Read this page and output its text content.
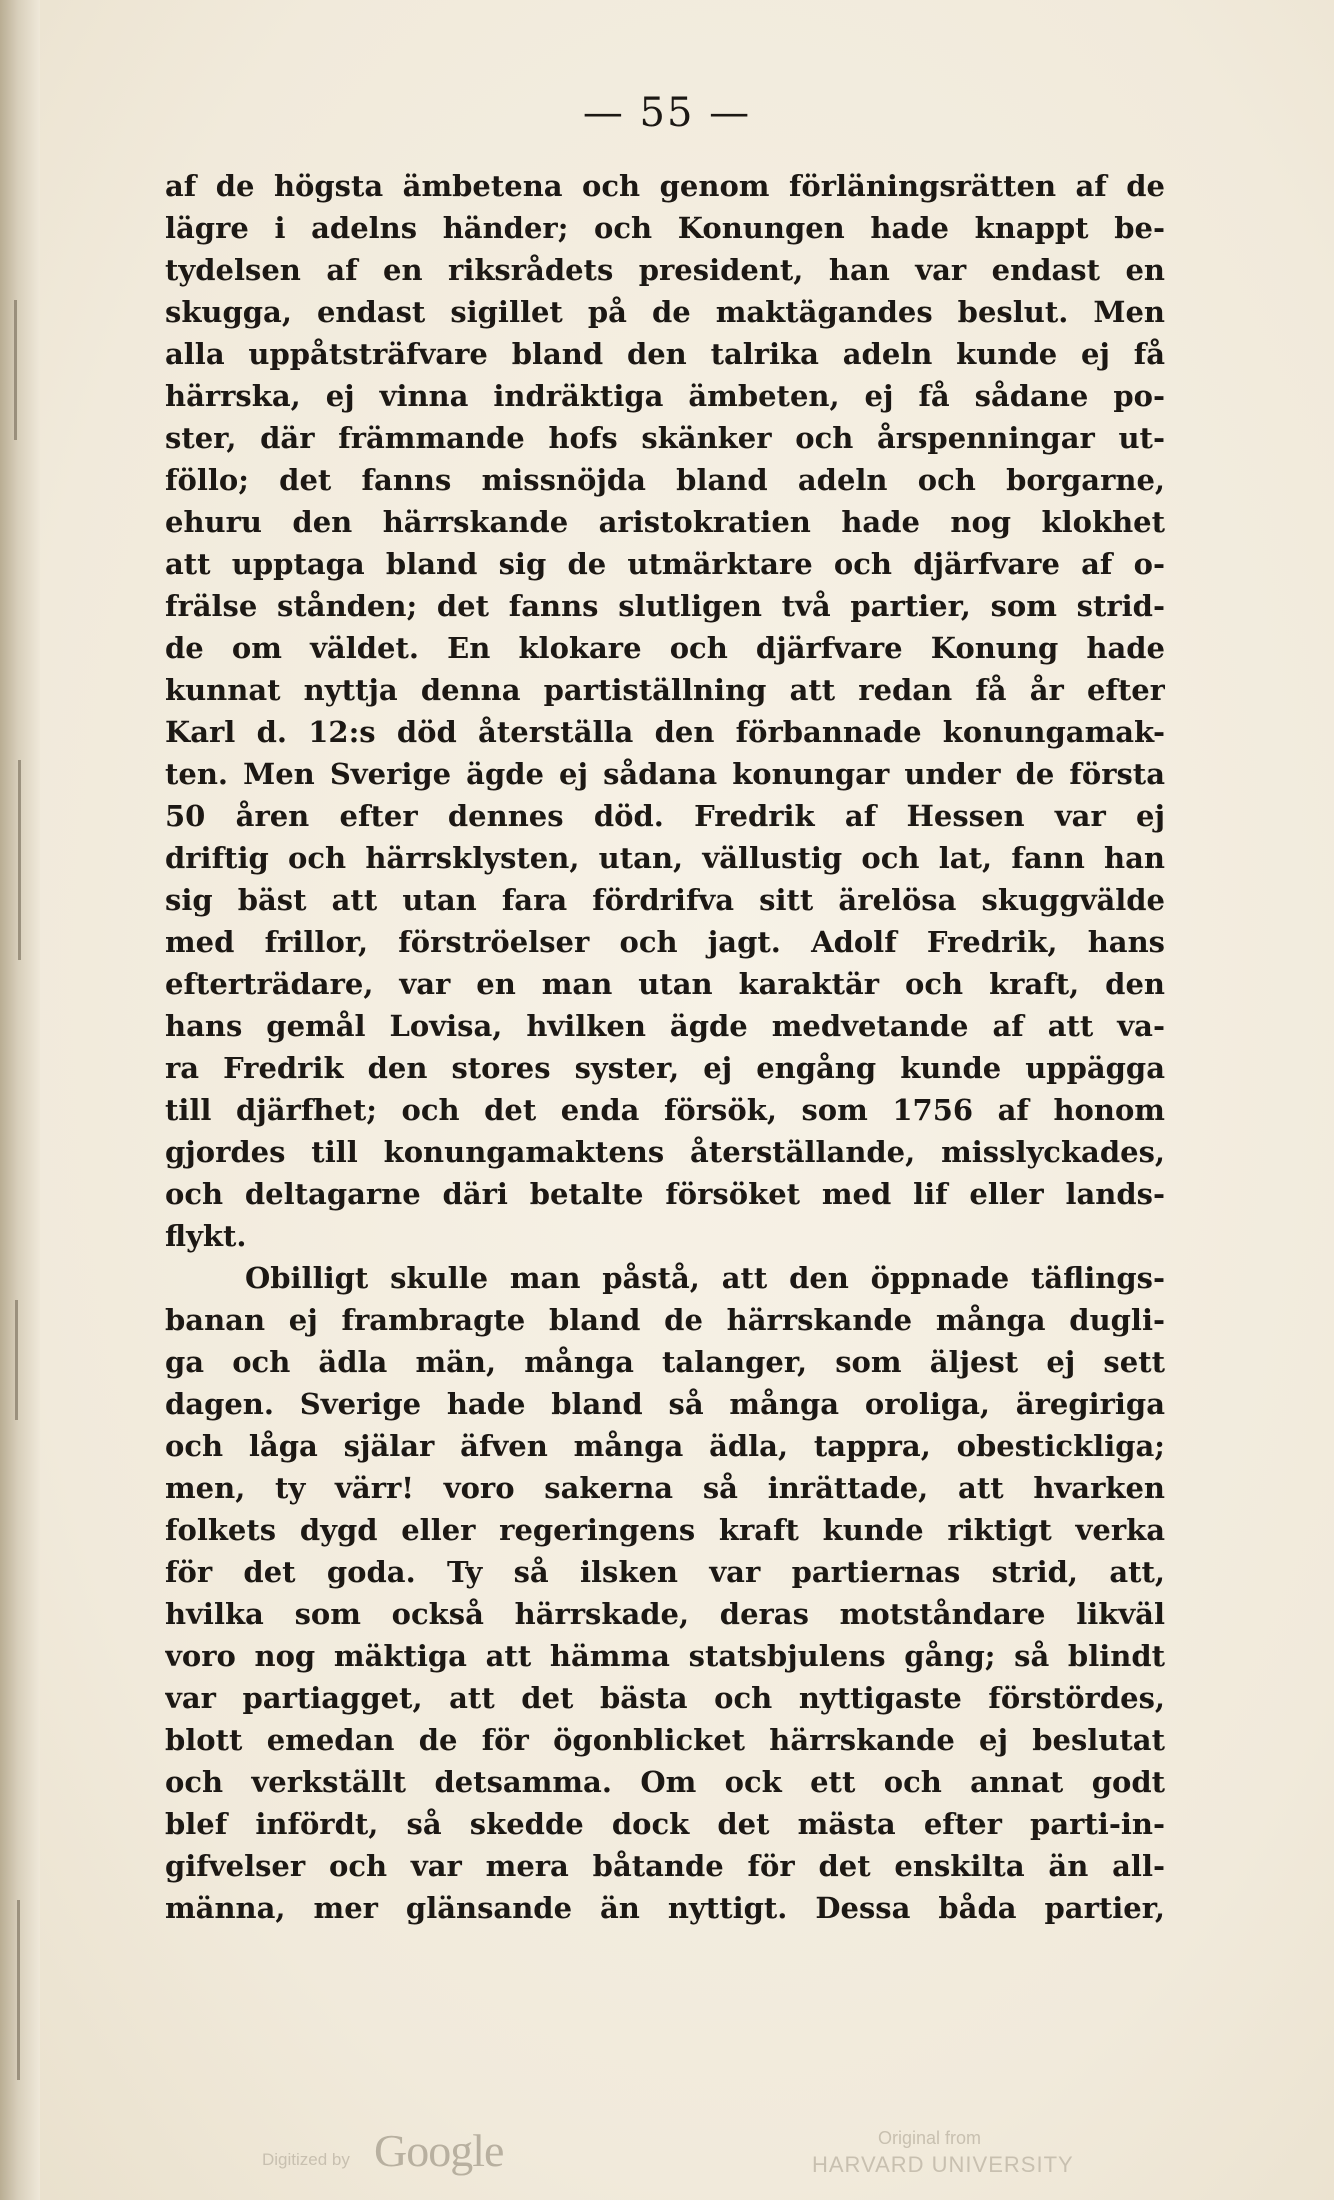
— 55 —
af de högsta ämbetena och genom förläningsrätten af de
lägre i adelns händer; och Konungen hade knappt be-
tydelsen af en riksrådets president, han var endast en
skugga, endast sigillet på de maktägandes beslut. Men
alla uppåtsträfvare bland den talrika adeln kunde ej få
härrska, ej vinna indräktiga ämbeten, ej få sådane po-
ster, där främmande hofs skänker och årspenningar ut-
föllo; det fanns missnöjda bland adeln och borgarne,
ehuru den härrskande aristokratien hade nog klokhet
att upptaga bland sig de utmärktare och djärfvare af o-
frälse stånden; det fanns slutligen två partier, som strid-
de om väldet. En klokare och djärfvare Konung hade
kunnat nyttja denna partiställning att redan få år efter
Karl d. 12:s död återställa den förbannade konungamak-
ten. Men Sverige ägde ej sådana konungar under de första
50 åren efter dennes död. Fredrik af Hessen var ej
driftig och härrsklysten, utan, vällustig och lat, fann han
sig bäst att utan fara fördrifva sitt ärelösa skuggvälde
med frillor, förströelser och jagt. Adolf Fredrik, hans
efterträdare, var en man utan karaktär och kraft, den
hans gemål Lovisa, hvilken ägde medvetande af att va-
ra Fredrik den stores syster, ej engång kunde uppägga
till djärfhet; och det enda försök, som 1756 af honom
gjordes till konungamaktens återställande, misslyckades,
och deltagarne däri betalte försöket med lif eller lands-
flykt.
Obilligt skulle man påstå, att den öppnade täflings-
banan ej frambragte bland de härrskande många dugli-
ga och ädla män, många talanger, som äljest ej sett
dagen. Sverige hade bland så många oroliga, äregiriga
och låga själar äfven många ädla, tappra, obestickliga;
men, ty värr! voro sakerna så inrättade, att hvarken
folkets dygd eller regeringens kraft kunde riktigt verka
för det goda. Ty så ilsken var partiernas strid, att,
hvilka som också härrskade, deras motståndare likväl
voro nog mäktiga att hämma statsbjulens gång; så blindt
var partiagget, att det bästa och nyttigaste förstördes,
blott emedan de för ögonblicket härrskande ej beslutat
och verkställt detsamma. Om ock ett och annat godt
blef infördt, så skedde dock det mästa efter parti-in-
gifvelser och var mera båtande för det enskilta än all-
männa, mer glänsande än nyttigt. Dessa båda partier,
Digitized by Google	Original from
HARVARD UNIVERSITY
